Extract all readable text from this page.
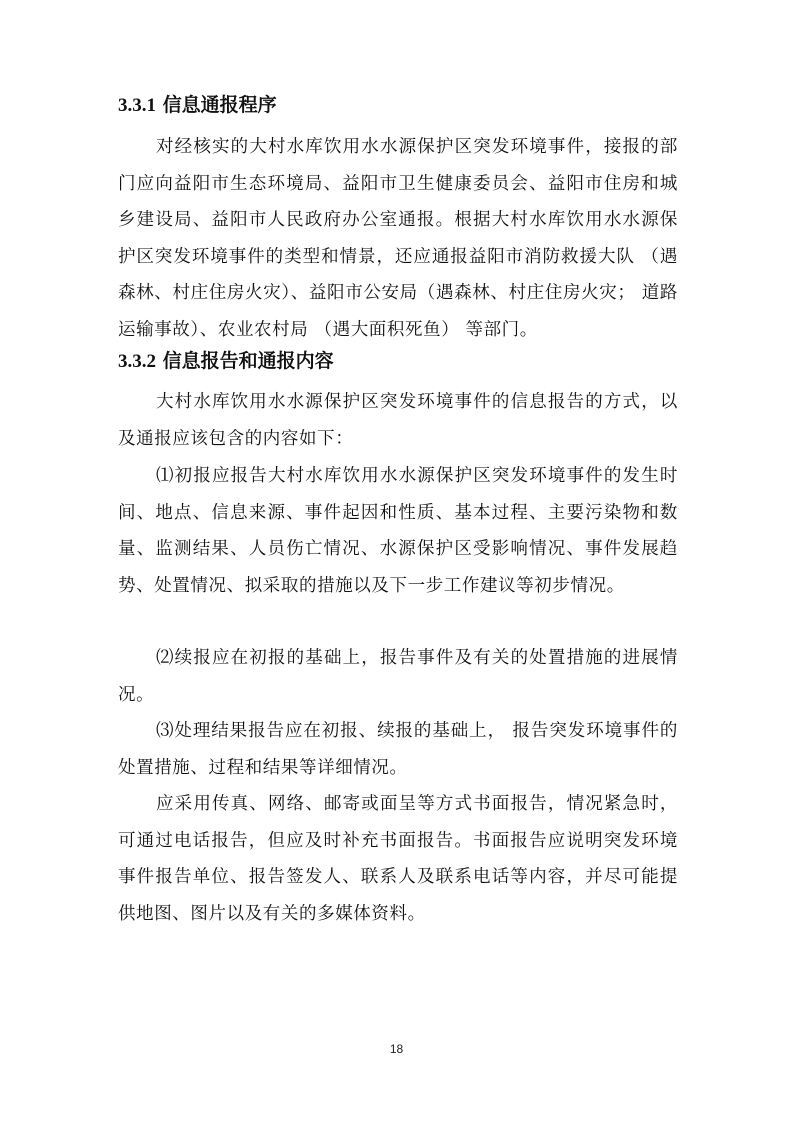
3.3.1 信息通报程序

对经核实的大村水库饮用水水源保护区突发环境事件，接报的部门应向益阳市生态环境局、益阳市卫生健康委员会、益阳市住房和城乡建设局、益阳市人民政府办公室通报。根据大村水库饮用水水源保护区突发环境事件的类型和情景，还应通报益阳市消防救援大队 （遇森林、村庄住房火灾）、益阳市公安局（遇森林、村庄住房火灾； 道路运输事故）、农业农村局 （遇大面积死鱼） 等部门。

3.3.2 信息报告和通报内容

大村水库饮用水水源保护区突发环境事件的信息报告的方式，以及通报应该包含的内容如下：

⑴初报应报告大村水库饮用水水源保护区突发环境事件的发生时间、地点、信息来源、事件起因和性质、基本过程、主要污染物和数量、监测结果、人员伤亡情况、水源保护区受影响情况、事件发展趋势、处置情况、拟采取的措施以及下一步工作建议等初步情况。

⑵续报应在初报的基础上，报告事件及有关的处置措施的进展情况。

⑶处理结果报告应在初报、续报的基础上， 报告突发环境事件的 处置措施、过程和结果等详细情况。

应采用传真、网络、邮寄或面呈等方式书面报告，情况紧急时，可通过电话报告，但应及时补充书面报告。书面报告应说明突发环境事件报告单位、报告签发人、联系人及联系电话等内容，并尽可能提供地图、图片以及有关的多媒体资料。

18
